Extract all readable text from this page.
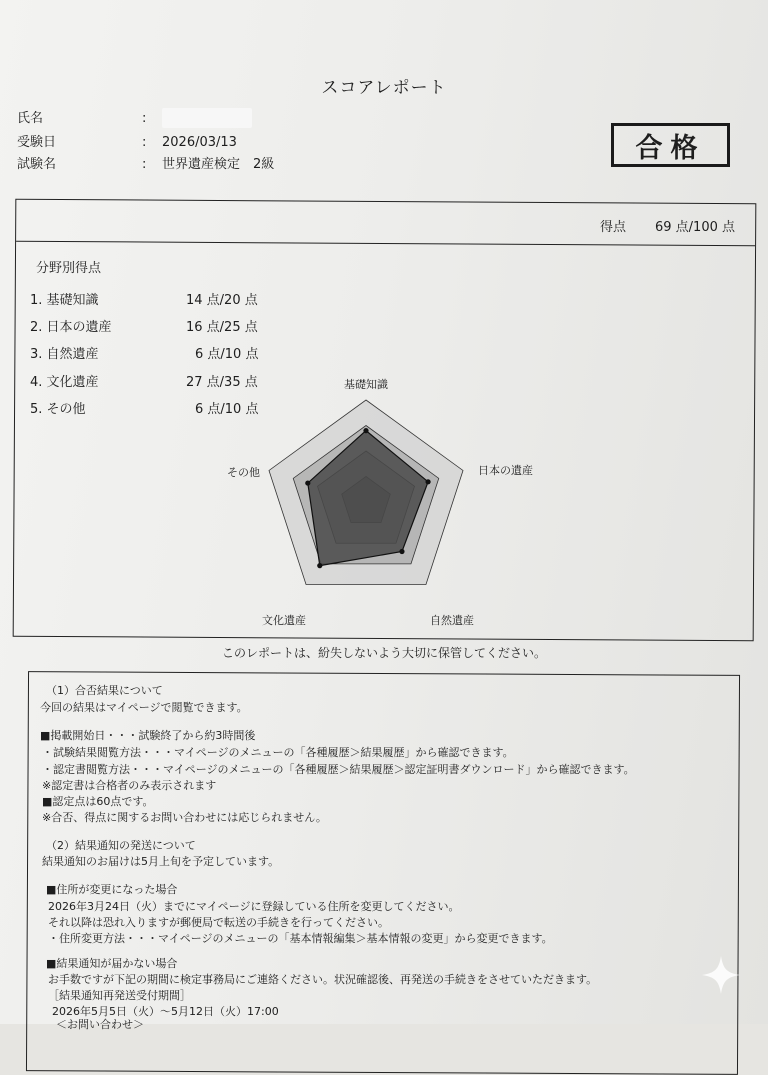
スコアレポート
氏名	:
受験日	: 2026/03/13
試験名	: 世界遺産検定　2級
合格
得点 69 点/100 点
分野別得点
1. 基礎知識	14 点/20 点
2. 日本の遺産	16 点/25 点
3. 自然遺産	6 点/10 点
4. 文化遺産	27 点/35 点
5. その他	6 点/10 点
基礎知識
日本の遺産
自然遺産
文化遺産
その他
このレポートは、紛失しないよう大切に保管してください。
（1）合否結果について
今回の結果はマイページで閲覧できます。
■掲載開始日・・・試験終了から約3時間後
・試験結果閲覧方法・・・マイページのメニューの「各種履歴＞結果履歴」から確認できます。
・認定書閲覧方法・・・マイページのメニューの「各種履歴＞結果履歴＞認定証明書ダウンロード」から確認できます。
※認定書は合格者のみ表示されます
■認定点は60点です。
※合否、得点に関するお問い合わせには応じられません。
（2）結果通知の発送について
結果通知のお届けは5月上旬を予定しています。
■住所が変更になった場合
2026年3月24日（火）までにマイページに登録している住所を変更してください。
それ以降は恐れ入りますが郵便局で転送の手続きを行ってください。
・住所変更方法・・・マイページのメニューの「基本情報編集＞基本情報の変更」から変更できます。
■結果通知が届かない場合
お手数ですが下記の期間に検定事務局にご連絡ください。状況確認後、再発送の手続きをさせていただきます。
［結果通知再発送受付期間］
2026年5月5日（火）～5月12日（火）17:00
＜お問い合わせ＞
